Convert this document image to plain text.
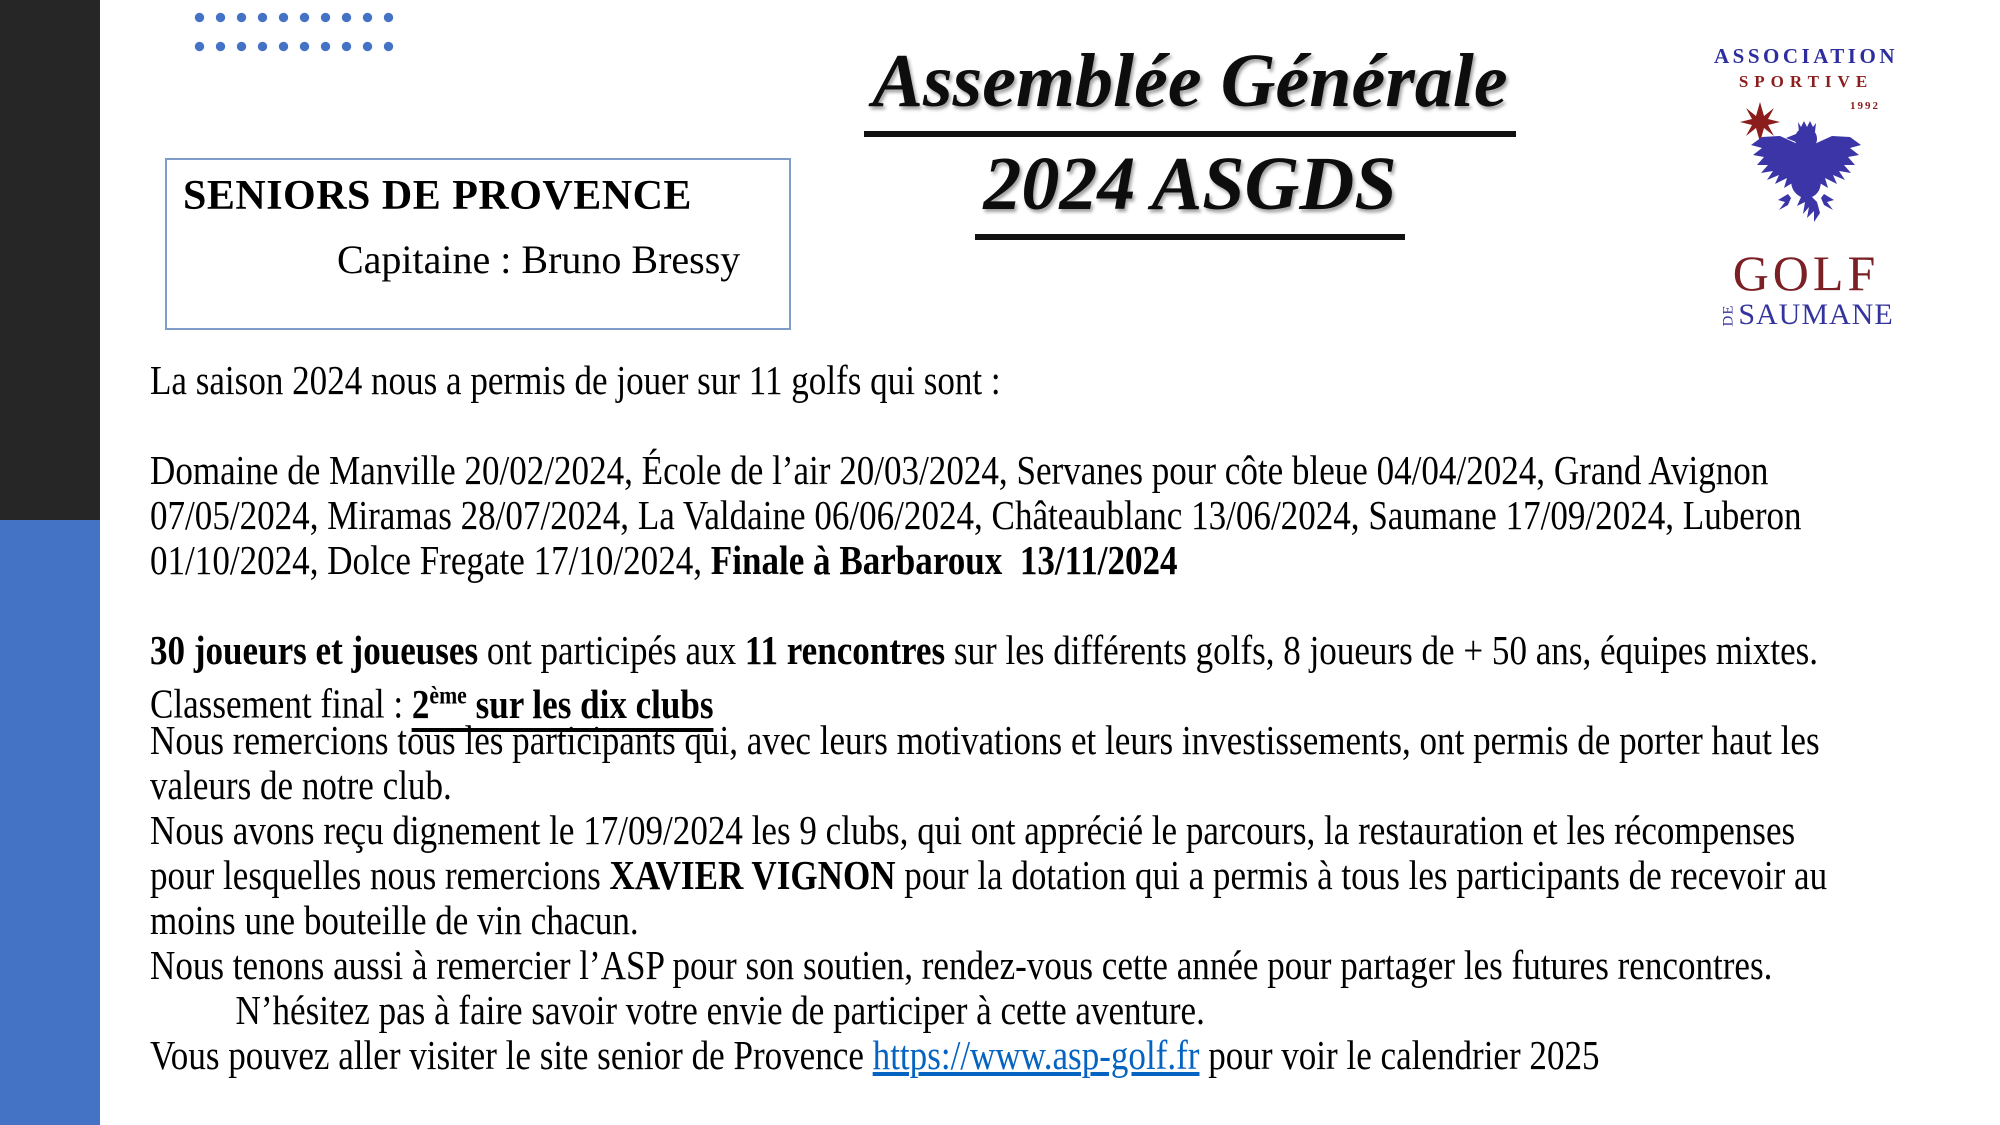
SENIORS DE PROVENCE
Capitaine : Bruno Bressy
Assemblée Générale
2024 ASGDS
ASSOCIATION
SPORTIVE
1992
GOLF
DE SAUMANE
La saison 2024 nous a permis de jouer sur 11 golfs qui sont :

Domaine de Manville 20/02/2024, École de l’air 20/03/2024, Servanes pour côte bleue 04/04/2024, Grand Avignon
07/05/2024, Miramas 28/07/2024, La Valdaine 06/06/2024, Châteaublanc 13/06/2024, Saumane 17/09/2024, Luberon
01/10/2024, Dolce Fregate 17/10/2024, Finale à Barbaroux  13/11/2024

30 joueurs et joueuses ont participés aux 11 rencontres sur les différents golfs, 8 joueurs de + 50 ans, équipes mixtes.
Classement final : 2ème sur les dix clubs
Nous remercions tous les participants qui, avec leurs motivations et leurs investissements, ont permis de porter haut les
valeurs de notre club.
Nous avons reçu dignement le 17/09/2024 les 9 clubs, qui ont apprécié le parcours, la restauration et les récompenses
pour lesquelles nous remercions XAVIER VIGNON pour la dotation qui a permis à tous les participants de recevoir au
moins une bouteille de vin chacun.
Nous tenons aussi à remercier l’ASP pour son soutien, rendez-vous cette année pour partager les futures rencontres.
N’hésitez pas à faire savoir votre envie de participer à cette aventure.
Vous pouvez aller visiter le site senior de Provence https://www.asp-golf.fr pour voir le calendrier 2025
